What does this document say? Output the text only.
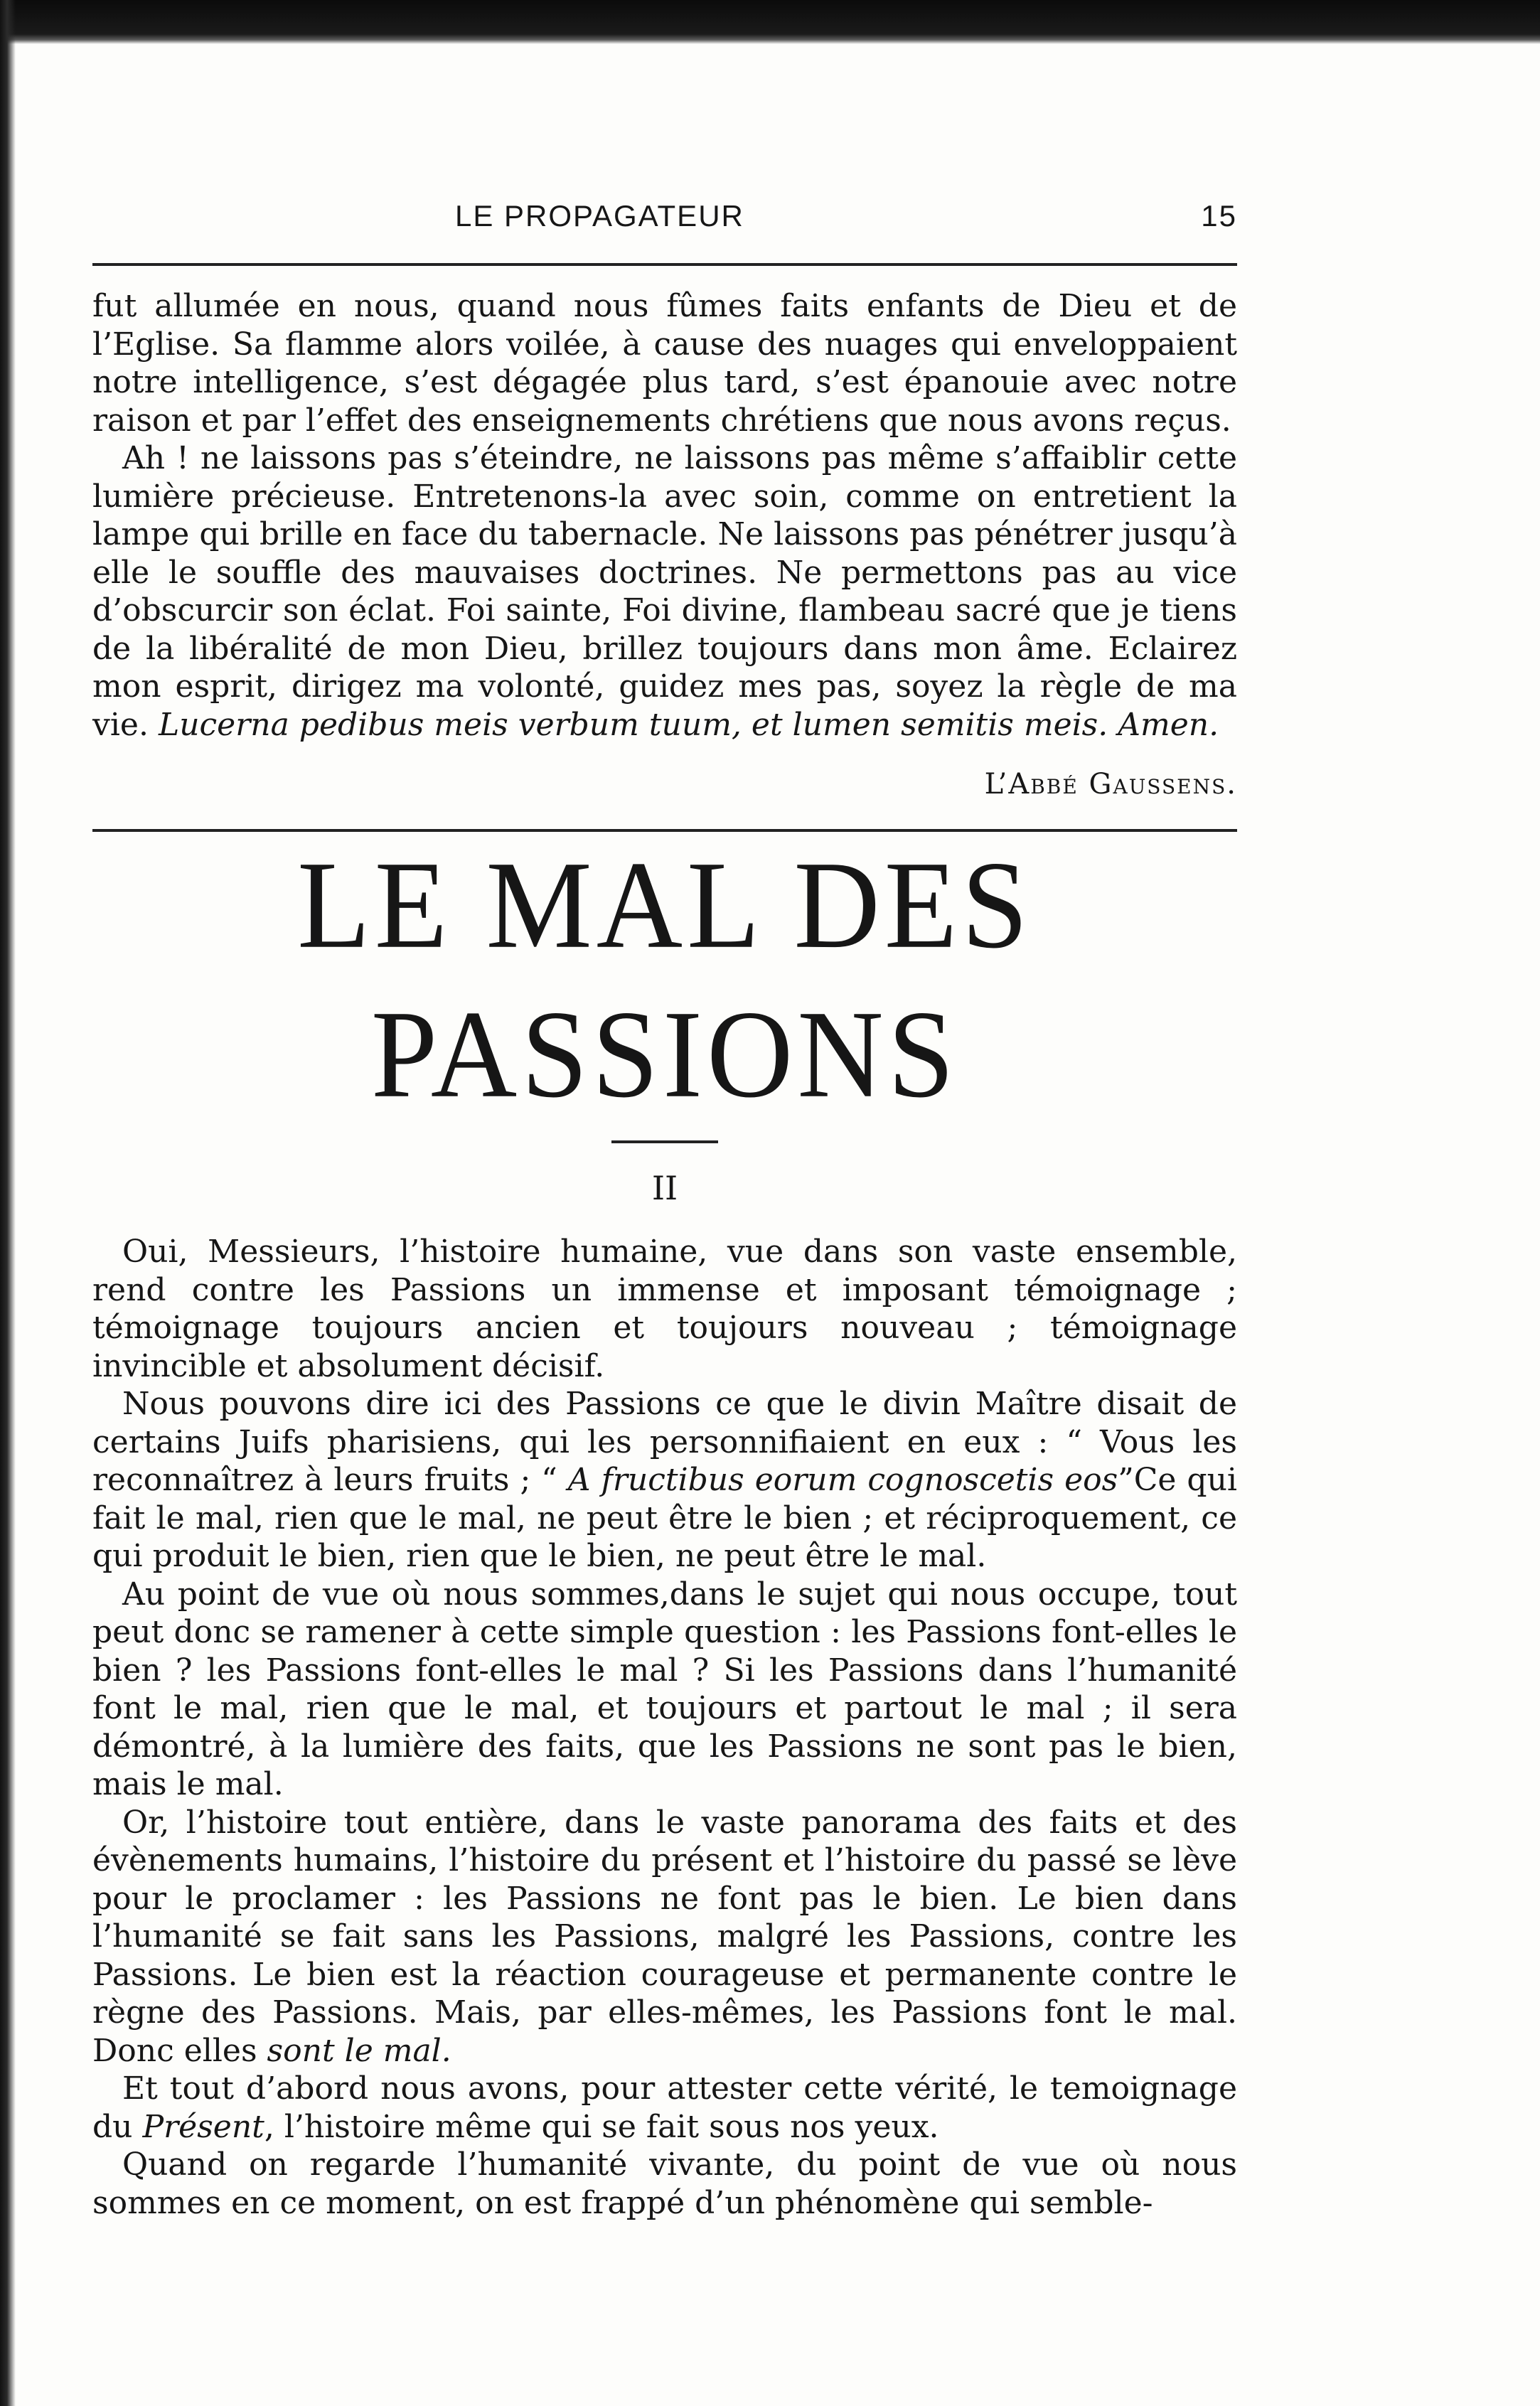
LE PROPAGATEUR	15

fut allumée en nous, quand nous fûmes faits enfants de Dieu et de l’Eglise. Sa flamme alors voilée, à cause des nuages qui enveloppaient notre intelligence, s’est dégagée plus tard, s’est épanouie avec notre raison et par l’effet des enseignements chrétiens que nous avons reçus.

Ah ! ne laissons pas s’éteindre, ne laissons pas même s’affaiblir cette lumière précieuse. Entretenons-la avec soin, comme on entretient la lampe qui brille en face du tabernacle. Ne laissons pas pénétrer jusqu’à elle le souffle des mauvaises doctrines. Ne permettons pas au vice d’obscurcir son éclat. Foi sainte, Foi divine, flambeau sacré que je tiens de la libéralité de mon Dieu, brillez toujours dans mon âme. Eclairez mon esprit, dirigez ma volonté, guidez mes pas, soyez la règle de ma vie. Lucerna pedibus meis verbum tuum, et lumen semitis meis. Amen.

L’Abbé Gaussens.
LE MAL DES PASSIONS
II

Oui, Messieurs, l’histoire humaine, vue dans son vaste ensemble, rend contre les Passions un immense et imposant témoignage ; témoignage toujours ancien et toujours nouveau ; témoignage invincible et absolument décisif.

Nous pouvons dire ici des Passions ce que le divin Maître disait de certains Juifs pharisiens, qui les personnifiaient en eux : “ Vous les reconnaîtrez à leurs fruits ; “ A fructibus eorum cognoscetis eos”Ce qui fait le mal, rien que le mal, ne peut être le bien ; et réciproquement, ce qui produit le bien, rien que le bien, ne peut être le mal.

Au point de vue où nous sommes,dans le sujet qui nous occupe, tout peut donc se ramener à cette simple question : les Passions font-elles le bien ? les Passions font-elles le mal ? Si les Passions dans l’humanité font le mal, rien que le mal, et toujours et partout le mal ; il sera démontré, à la lumière des faits, que les Passions ne sont pas le bien, mais le mal.

Or, l’histoire tout entière, dans le vaste panorama des faits et des évènements humains, l’histoire du présent et l’histoire du passé se lève pour le proclamer : les Passions ne font pas le bien. Le bien dans l’humanité se fait sans les Passions, malgré les Passions, contre les Passions. Le bien est la réaction courageuse et permanente contre le règne des Passions. Mais, par elles-mêmes, les Passions font le mal. Donc elles sont le mal.

Et tout d’abord nous avons, pour attester cette vérité, le temoignage du Présent, l’histoire même qui se fait sous nos yeux.

Quand on regarde l’humanité vivante, du point de vue où nous sommes en ce moment, on est frappé d’un phénomène qui semble-
